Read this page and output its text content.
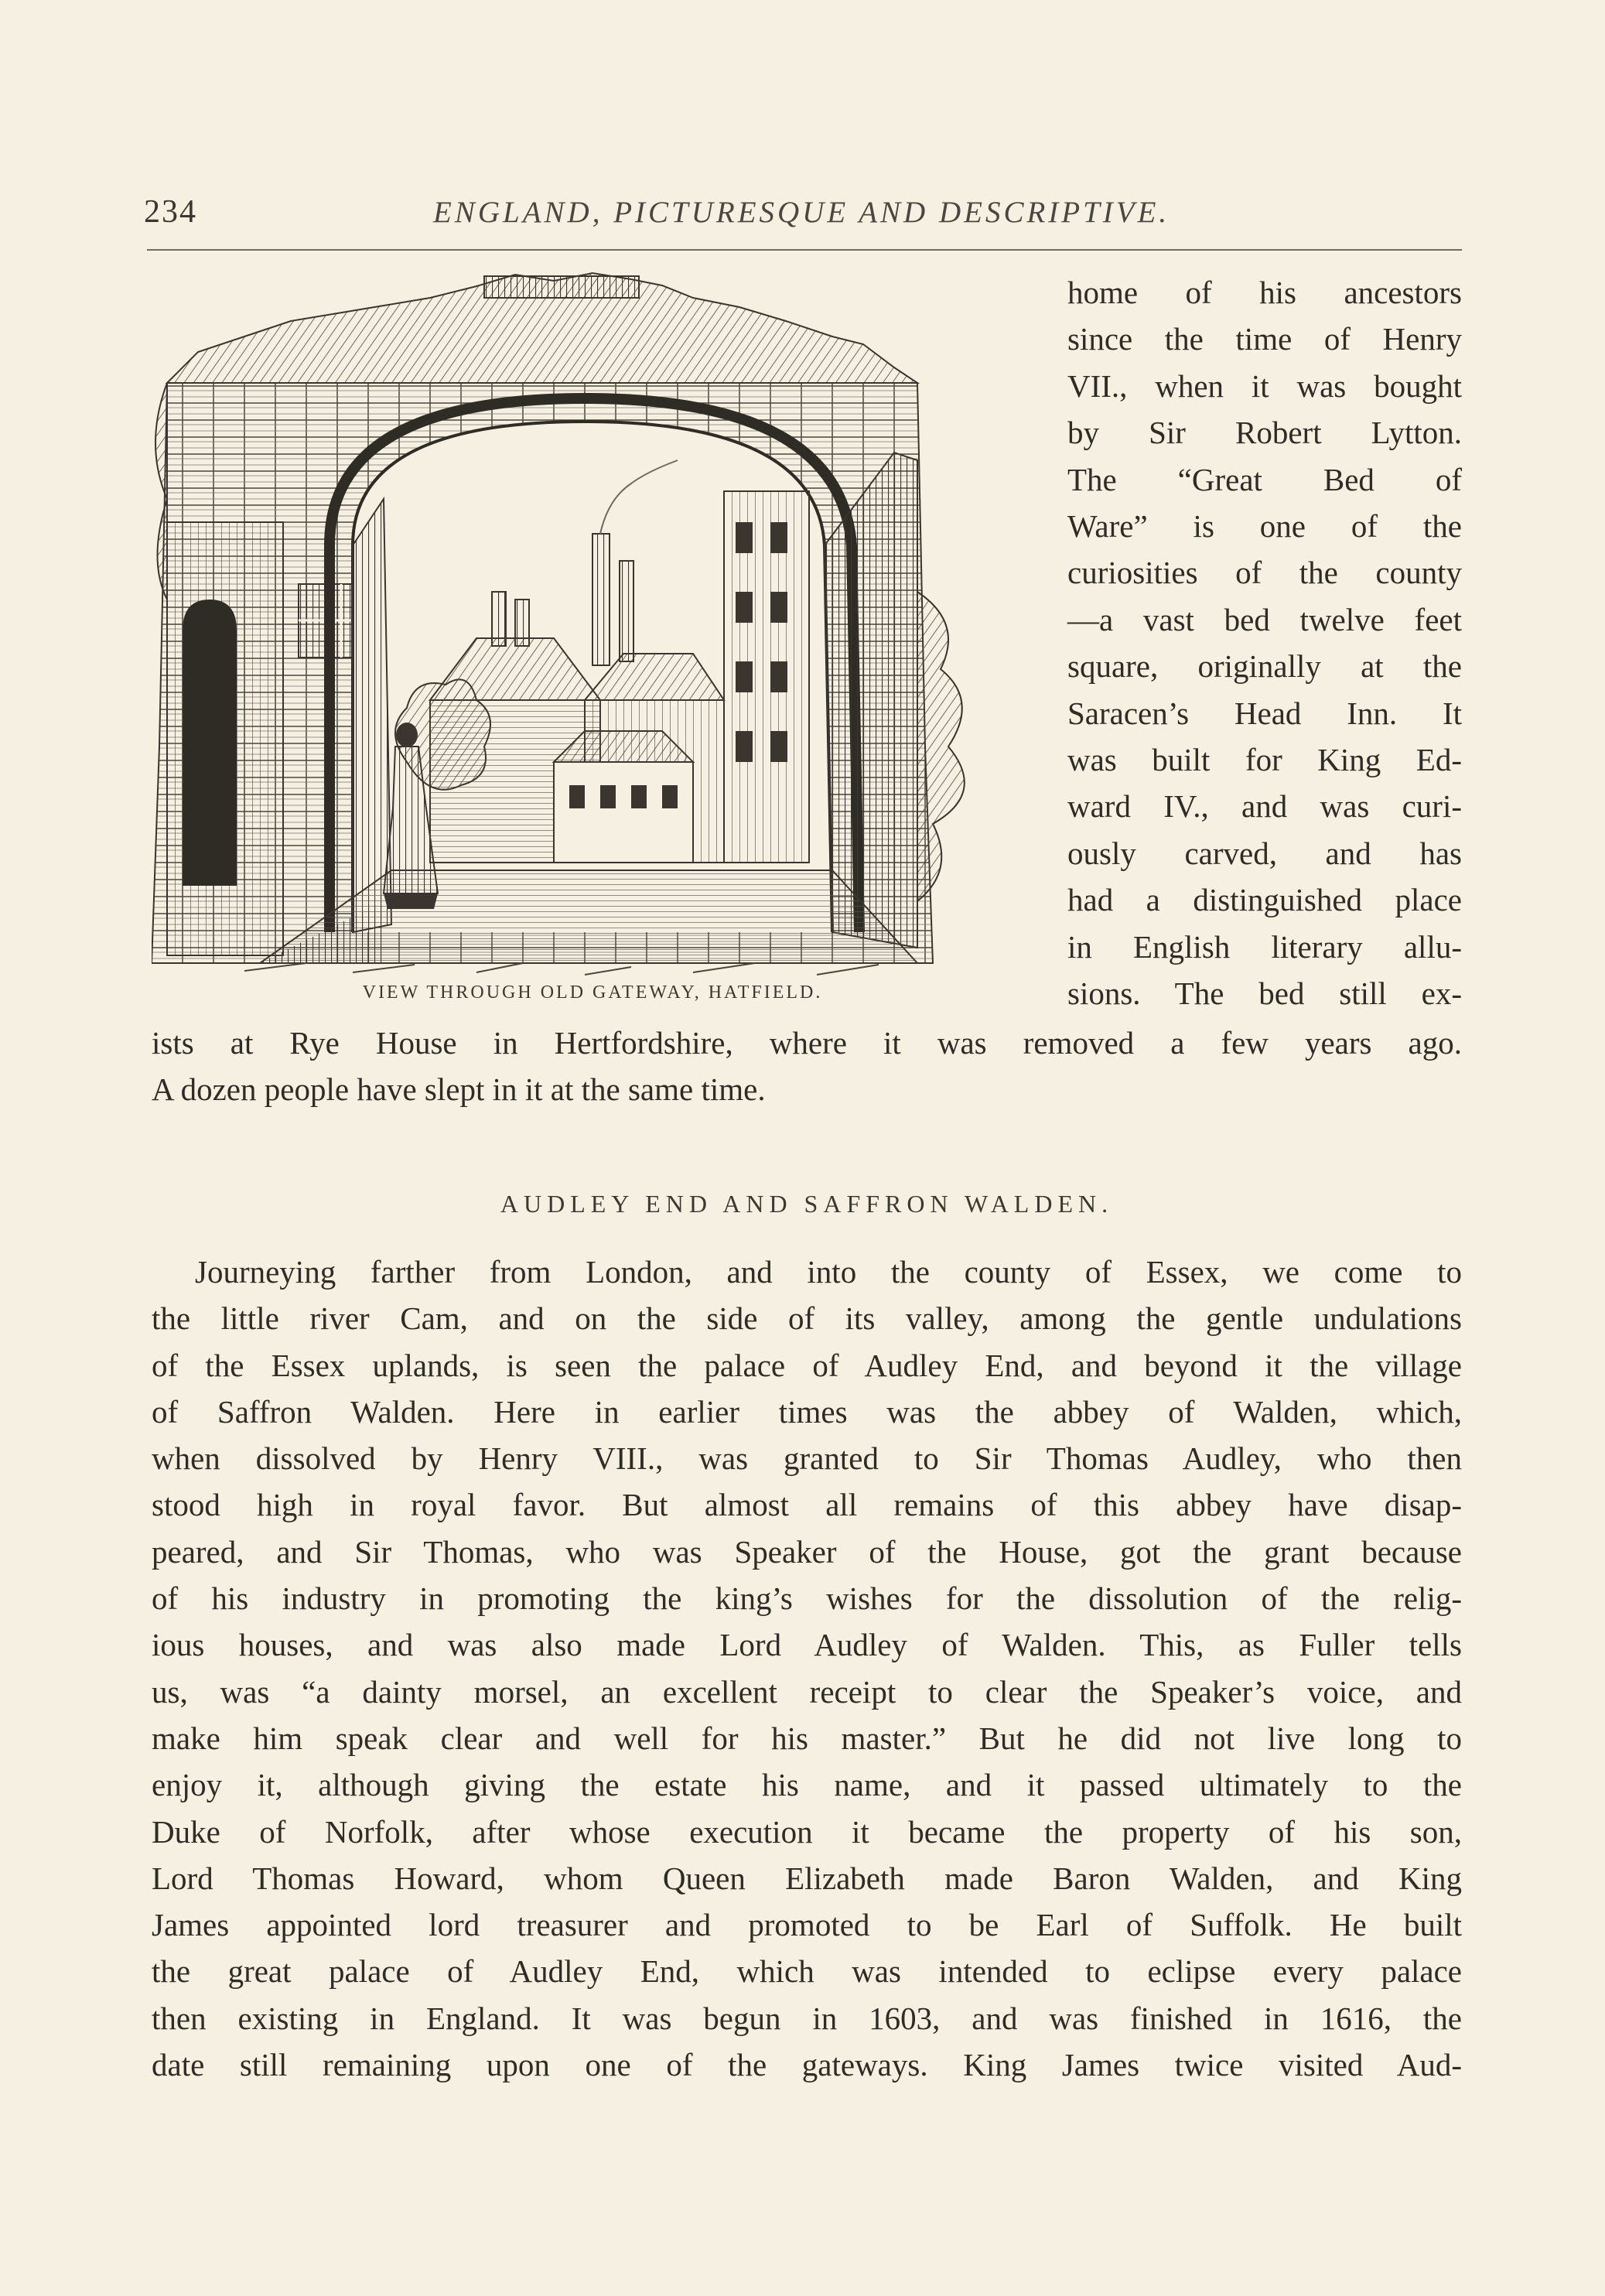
234	ENGLAND, PICTURESQUE AND DESCRIPTIVE.
VIEW THROUGH OLD GATEWAY, HATFIELD.
home of his ancestors
since the time of Henry
VII., when it was bought
by Sir Robert Lytton.
The “Great Bed of
Ware” is one of the
curiosities of the county
—a vast bed twelve feet
square, originally at the
Saracen’s Head Inn. It
was built for King Ed-
ward IV., and was curi-
ously carved, and has
had a distinguished place
in English literary allu-
sions. The bed still ex-
ists at Rye House in Hertfordshire, where it was removed a few years ago.
A dozen people have slept in it at the same time.
AUDLEY END AND SAFFRON WALDEN.
Journeying farther from London, and into the county of Essex, we come to
the little river Cam, and on the side of its valley, among the gentle undulations
of the Essex uplands, is seen the palace of Audley End, and beyond it the village
of Saffron Walden. Here in earlier times was the abbey of Walden, which,
when dissolved by Henry VIII., was granted to Sir Thomas Audley, who then
stood high in royal favor. But almost all remains of this abbey have disap-
peared, and Sir Thomas, who was Speaker of the House, got the grant because
of his industry in promoting the king’s wishes for the dissolution of the relig-
ious houses, and was also made Lord Audley of Walden. This, as Fuller tells
us, was “a dainty morsel, an excellent receipt to clear the Speaker’s voice, and
make him speak clear and well for his master.” But he did not live long to
enjoy it, although giving the estate his name, and it passed ultimately to the
Duke of Norfolk, after whose execution it became the property of his son,
Lord Thomas Howard, whom Queen Elizabeth made Baron Walden, and King
James appointed lord treasurer and promoted to be Earl of Suffolk. He built
the great palace of Audley End, which was intended to eclipse every palace
then existing in England. It was begun in 1603, and was finished in 1616, the
date still remaining upon one of the gateways. King James twice visited Aud-
